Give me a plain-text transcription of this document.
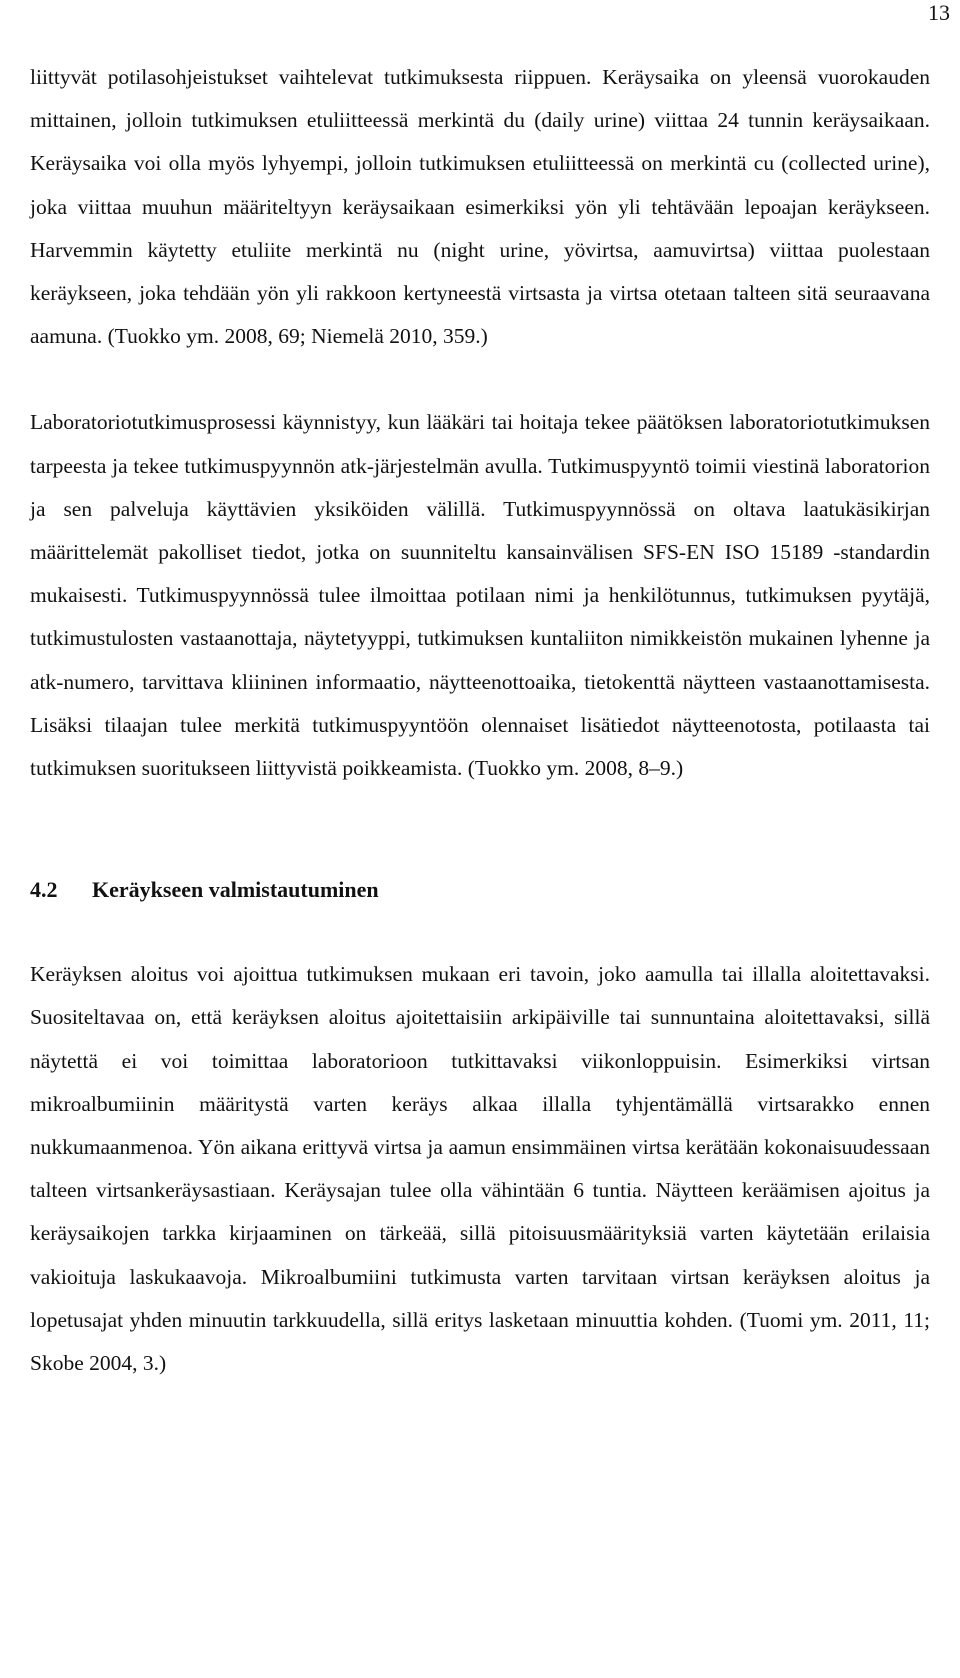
13

liittyvät potilasohjeistukset vaihtelevat tutkimuksesta riippuen. Keräysaika on yleensä vuorokauden mittainen, jolloin tutkimuksen etuliitteessä merkintä du (daily urine) viittaa 24 tunnin keräysaikaan. Keräysaika voi olla myös lyhyempi, jolloin tutkimuksen etuliitteessä on merkintä cu (collected urine), joka viittaa muuhun määriteltyyn keräysaikaan esimerkiksi yön yli tehtävään lepoajan keräykseen. Harvemmin käytetty etuliite merkintä nu (night urine, yövirtsa, aamuvirtsa) viittaa puolestaan keräykseen, joka tehdään yön yli rakkoon kertyneestä virtsasta ja virtsa otetaan talteen sitä seuraavana aamuna. (Tuokko ym. 2008, 69; Niemelä 2010, 359.)

Laboratoriotutkimusprosessi käynnistyy, kun lääkäri tai hoitaja tekee päätöksen laboratoriotutkimuksen tarpeesta ja tekee tutkimuspyynnön atk-järjestelmän avulla. Tutkimuspyyntö toimii viestinä laboratorion ja sen palveluja käyttävien yksiköiden välillä. Tutkimuspyynnössä on oltava laatukäsikirjan määrittelemät pakolliset tiedot, jotka on suunniteltu kansainvälisen SFS-EN ISO 15189 -standardin mukaisesti. Tutkimuspyynnössä tulee ilmoittaa potilaan nimi ja henkilötunnus, tutkimuksen pyytäjä, tutkimustulosten vastaanottaja, näytetyyppi, tutkimuksen kuntaliiton nimikkeistön mukainen lyhenne ja atk-numero, tarvittava kliininen informaatio, näytteenottoaika, tietokenttä näytteen vastaanottamisesta. Lisäksi tilaajan tulee merkitä tutkimuspyyntöön olennaiset lisätiedot näytteenotosta, potilaasta tai tutkimuksen suoritukseen liittyvistä poikkeamista. (Tuokko ym. 2008, 8–9.)

4.2	Keräykseen valmistautuminen

Keräyksen aloitus voi ajoittua tutkimuksen mukaan eri tavoin, joko aamulla tai illalla aloitettavaksi. Suositeltavaa on, että keräyksen aloitus ajoitettaisiin arkipäiville tai sunnuntaina aloitettavaksi, sillä näytettä ei voi toimittaa laboratorioon tutkittavaksi viikonloppuisin. Esimerkiksi virtsan mikroalbumiinin määritystä varten keräys alkaa illalla tyhjentämällä virtsarakko ennen nukkumaanmenoa. Yön aikana erittyvä virtsa ja aamun ensimmäinen virtsa kerätään kokonaisuudessaan talteen virtsankeräysastiaan. Keräysajan tulee olla vähintään 6 tuntia. Näytteen keräämisen ajoitus ja keräysaikojen tarkka kirjaaminen on tärkeää, sillä pitoisuusmäärityksiä varten käytetään erilaisia vakioituja laskukaavoja. Mikroalbumiini tutkimusta varten tarvitaan virtsan keräyksen aloitus ja lopetusajat yhden minuutin tarkkuudella, sillä eritys lasketaan minuuttia kohden. (Tuomi ym. 2011, 11; Skobe 2004, 3.)
